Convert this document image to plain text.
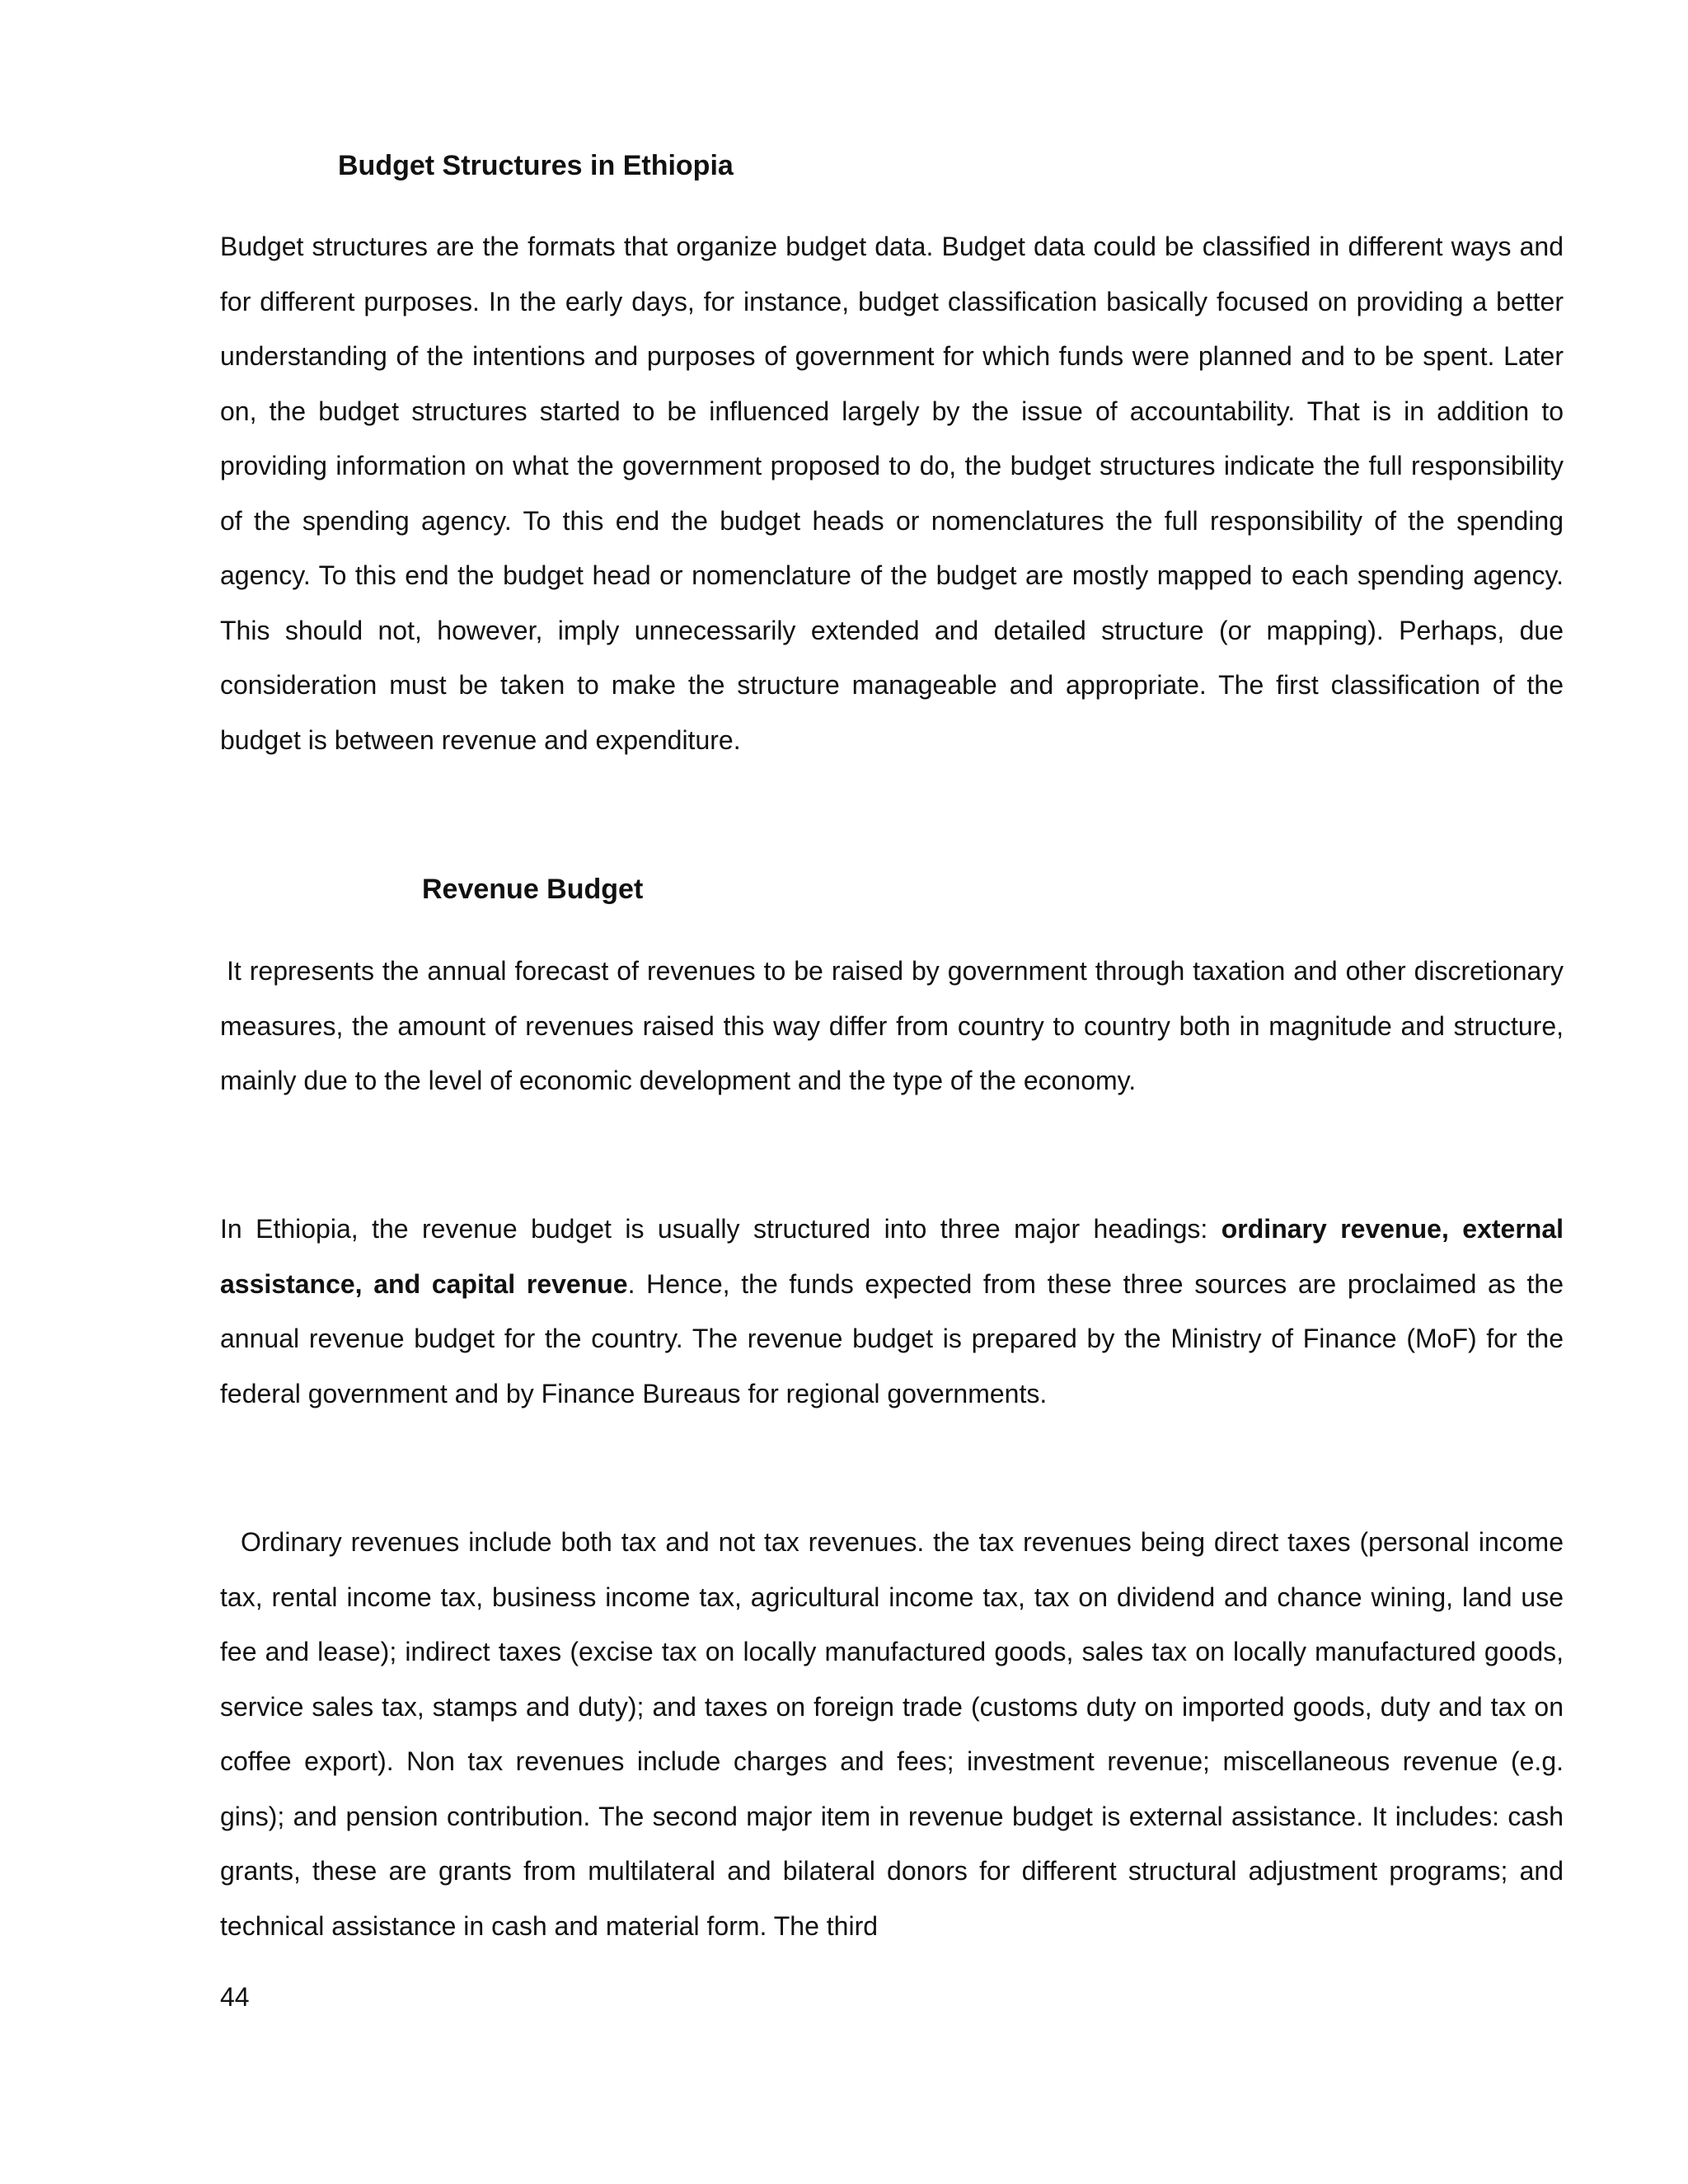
Budget Structures in Ethiopia

Budget structures are the formats that organize budget data. Budget data could be classified in different ways and for different purposes. In the early days, for instance, budget classification basically focused on providing a better understanding of the intentions and purposes of government for which funds were planned and to be spent. Later on, the budget structures started to be influenced largely by the issue of accountability. That is in addition to providing information on what the government proposed to do, the budget structures indicate the full responsibility of the spending agency. To this end the budget heads or nomenclatures the full responsibility of the spending agency. To this end the budget head or nomenclature of the budget are mostly mapped to each spending agency. This should not, however, imply unnecessarily extended and detailed structure (or mapping). Perhaps, due consideration must be taken to make the structure manageable and appropriate. The first classification of the budget is between revenue and expenditure.

Revenue Budget

It represents the annual forecast of revenues to be raised by government through taxation and other discretionary measures, the amount of revenues raised this way differ from country to country both in magnitude and structure, mainly due to the level of economic development and the type of the economy.

In Ethiopia, the revenue budget is usually structured into three major headings: ordinary revenue, external assistance, and capital revenue. Hence, the funds expected from these three sources are proclaimed as the annual revenue budget for the country. The revenue budget is prepared by the Ministry of Finance (MoF) for the federal government and by Finance Bureaus for regional governments.

Ordinary revenues include both tax and not tax revenues. the tax revenues being direct taxes (personal income tax, rental income tax, business income tax, agricultural income tax, tax on dividend and chance wining, land use fee and lease); indirect taxes (excise tax on locally manufactured goods, sales tax on locally manufactured goods, service sales tax, stamps and duty); and taxes on foreign trade (customs duty on imported goods, duty and tax on coffee export). Non tax revenues include charges and fees; investment revenue; miscellaneous revenue (e.g. gins); and pension contribution. The second major item in revenue budget is external assistance. It includes: cash grants, these are grants from multilateral and bilateral donors for different structural adjustment programs; and technical assistance in cash and material form. The third

44
